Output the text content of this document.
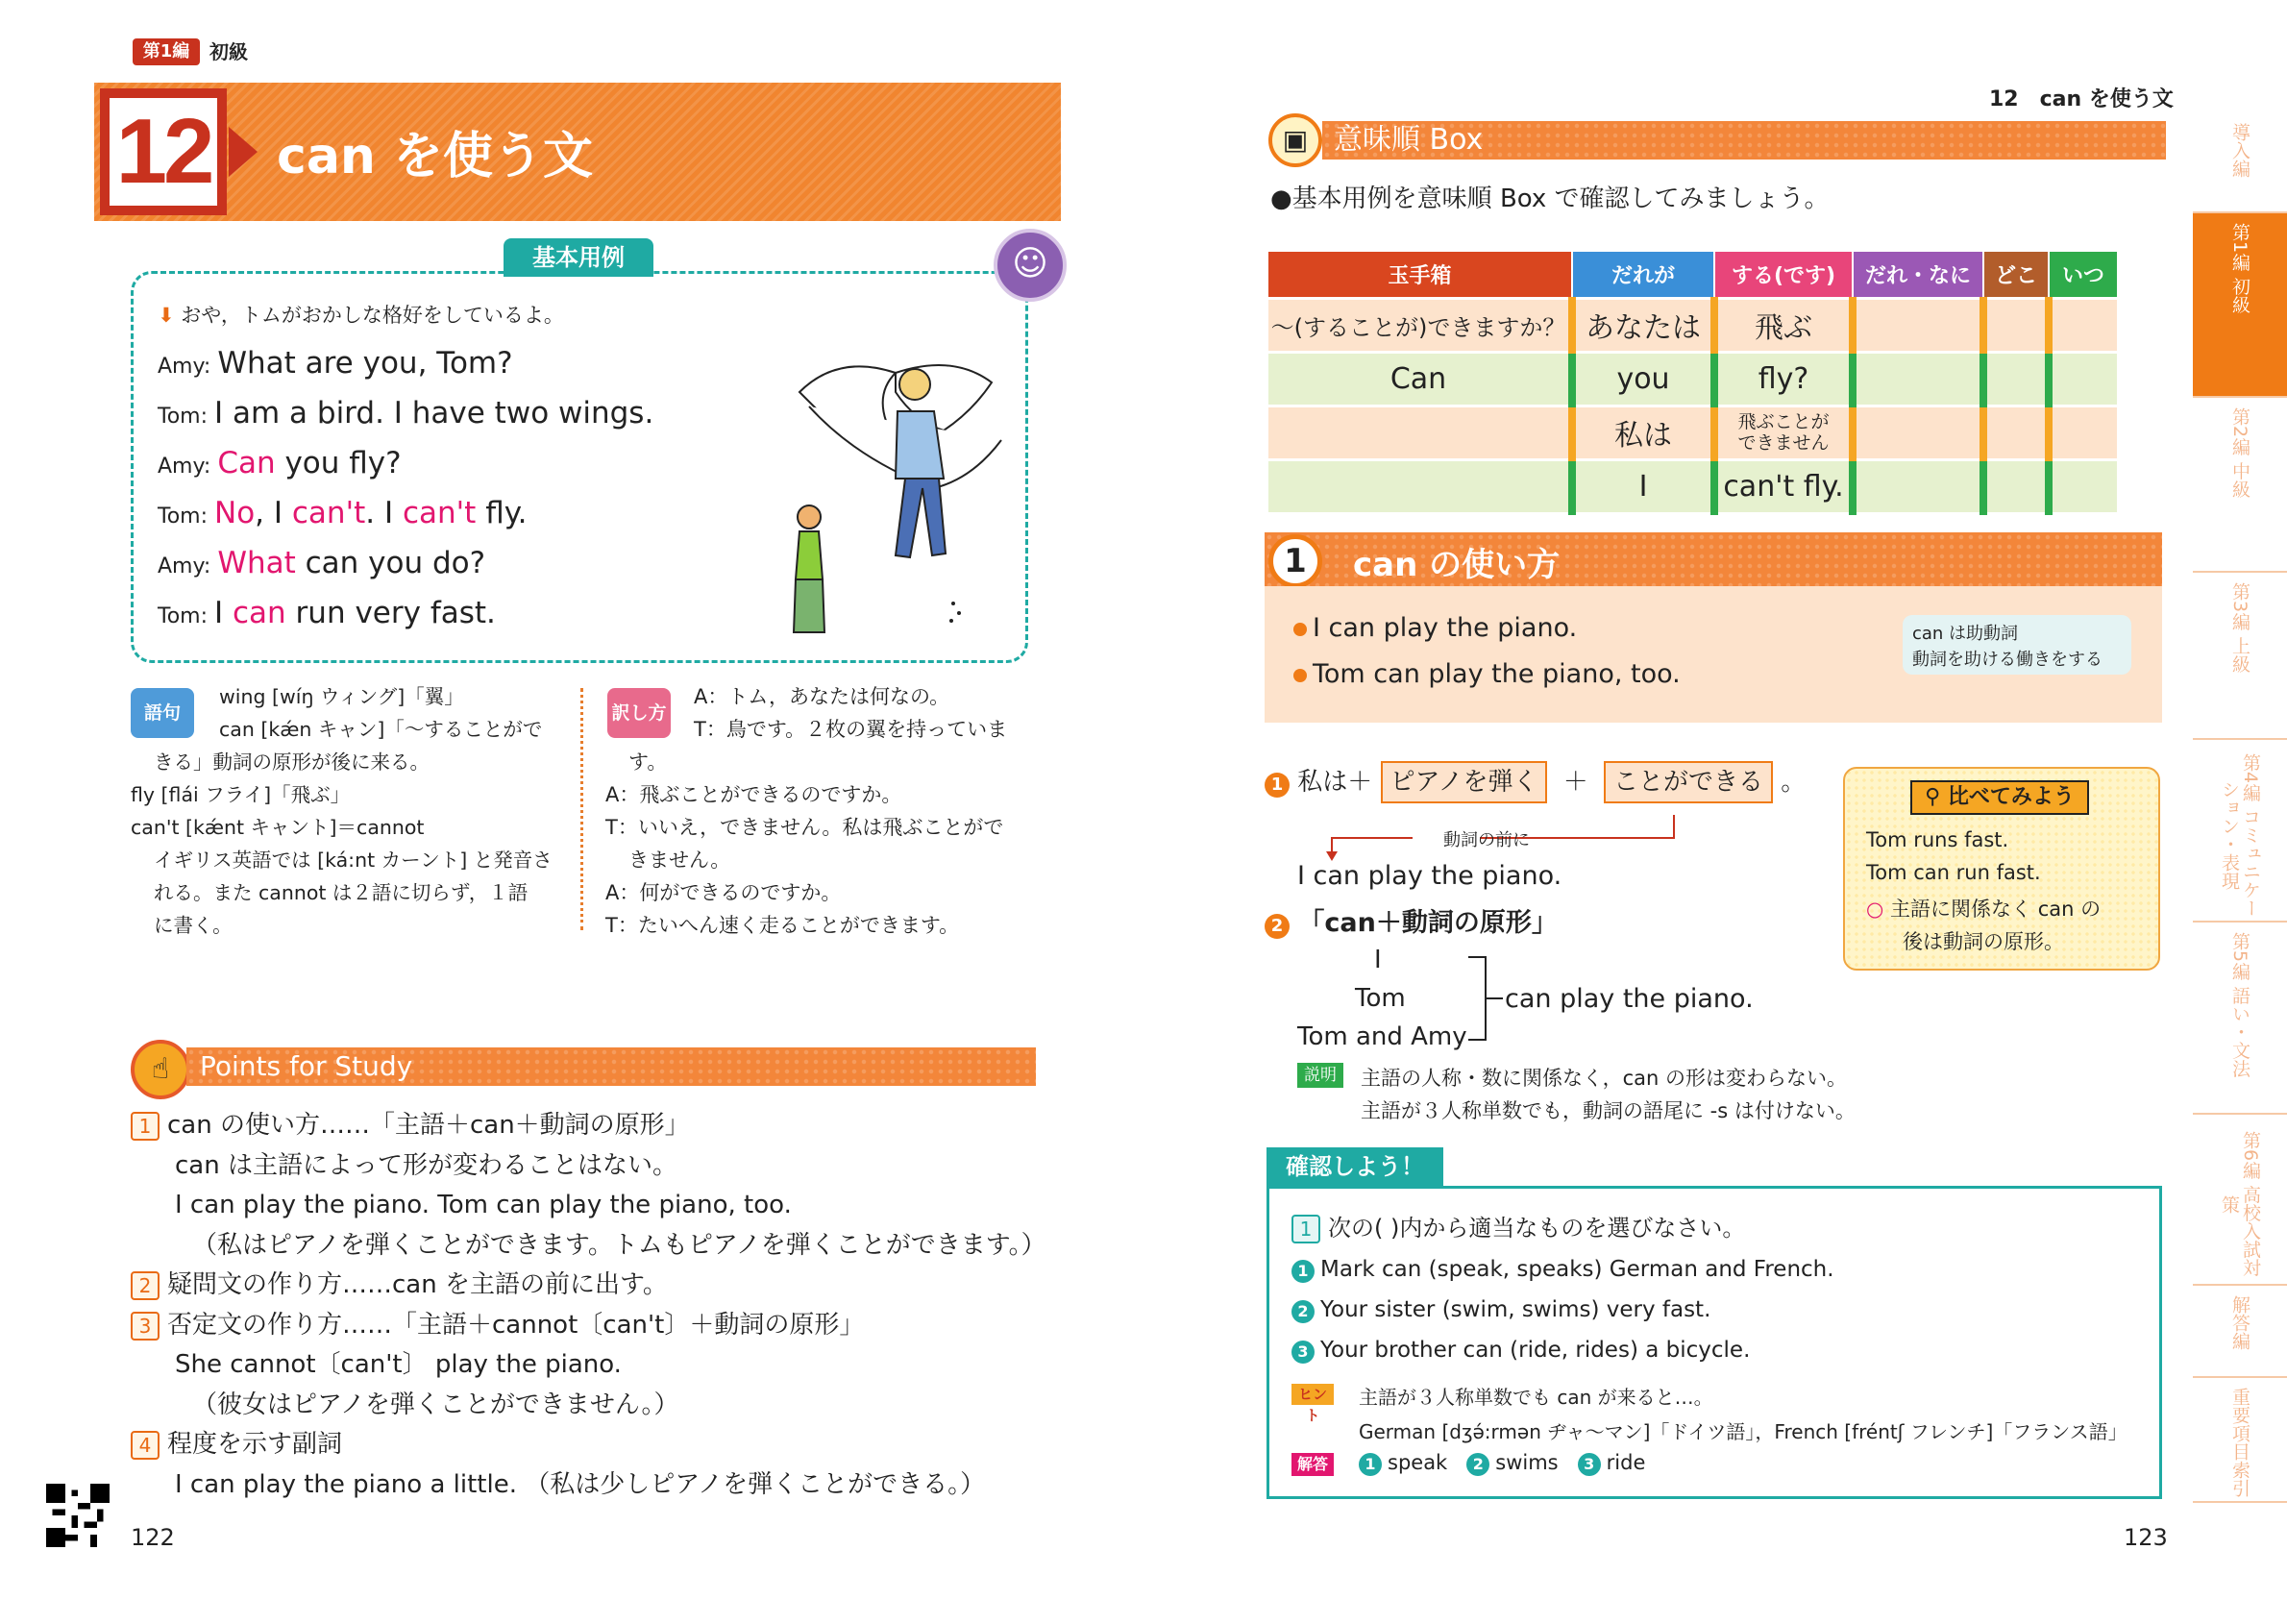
第1編	初級
12	can を使う文
基本用例	☺
⬇ おや，トムがおかしな格好をしているよ。
Amy: What are you, Tom?
Tom: I am a bird. I have two wings.
Amy: Can you fly?
Tom: No, I can't. I can't fly.
Amy: What can you do?
Tom: I can run very fast.
語句
wing [wíŋ ウィング]「翼」
can [kǽn キャン]「～することがで
きる」動詞の原形が後に来る。
fly [flái フライ]「飛ぶ」
can't [kǽnt キャント]＝cannot
イギリス英語では [ká:nt カーント] と発音さ
れる。また cannot は２語に切らず，１語
に書く。
訳し方
A：トム，あなたは何なの。
T：鳥です。２枚の翼を持っていま
す。
A：飛ぶことができるのですか。
T：いいえ，できません。私は飛ぶことがで
きません。
A：何ができるのですか。
T：たいへん速く走ることができます。
☝	Points for Study
1 can の使い方……「主語＋can＋動詞の原形」
can は主語によって形が変わることはない。
I can play the piano. Tom can play the piano, too.
（私はピアノを弾くことができます。トムもピアノを弾くことができます。）
2 疑問文の作り方……can を主語の前に出す。
3 否定文の作り方……「主語＋cannot〔can't〕＋動詞の原形」
She cannot〔can't〕 play the piano.
（彼女はピアノを弾くことができません。）
4 程度を示す副詞
I can play the piano a little. （私は少しピアノを弾くことができる。）
122
12　can を使う文
意味順 Box
▣
●基本用例を意味順 Box で確認してみましょう。
玉手箱	だれが	する(です)	だれ・なに	どこ	いつ
～(することが)できますか？	あなたは	飛ぶ			
Can	you	fly?			
	私は	飛ぶことが
できません			
	I	can't fly.			
1	can の使い方
I can play the piano.
Tom can play the piano, too.
can は助動詞
動詞を助ける働きをする
1 私は＋ ピアノを弾く ＋ ことができる 。
動詞の前に
I can play the piano.
2 「can＋動詞の原形」
I
Tom
Tom and Amy
can play the piano.
説明	主語の人称・数に関係なく，can の形は変わらない。
主語が３人称単数でも，動詞の語尾に -s は付けない。
⚲ 比べてみよう
Tom runs fast.
Tom can run fast.
○ 主語に関係なく can の
後は動詞の原形。
確認しよう！
1 次の( )内から適当なものを選びなさい。
1 Mark can (speak, speaks) German and French.
2 Your sister (swim, swims) very fast.
3 Your brother can (ride, rides) a bicycle.
ヒント
主語が３人称単数でも can が来ると…。
German [dʒə́:rmən ヂャ～マン]「ドイツ語」，French [fréntʃ フレンチ]「フランス語」
解答	1 speak 2 swims 3 ride
123
導入編
第1編 初級
第2編 中級
第3編 上級
第4編 コミュニケーション・表現
第5編 語い・文法
第6編 高校入試対策
解答編
重要項目索引
